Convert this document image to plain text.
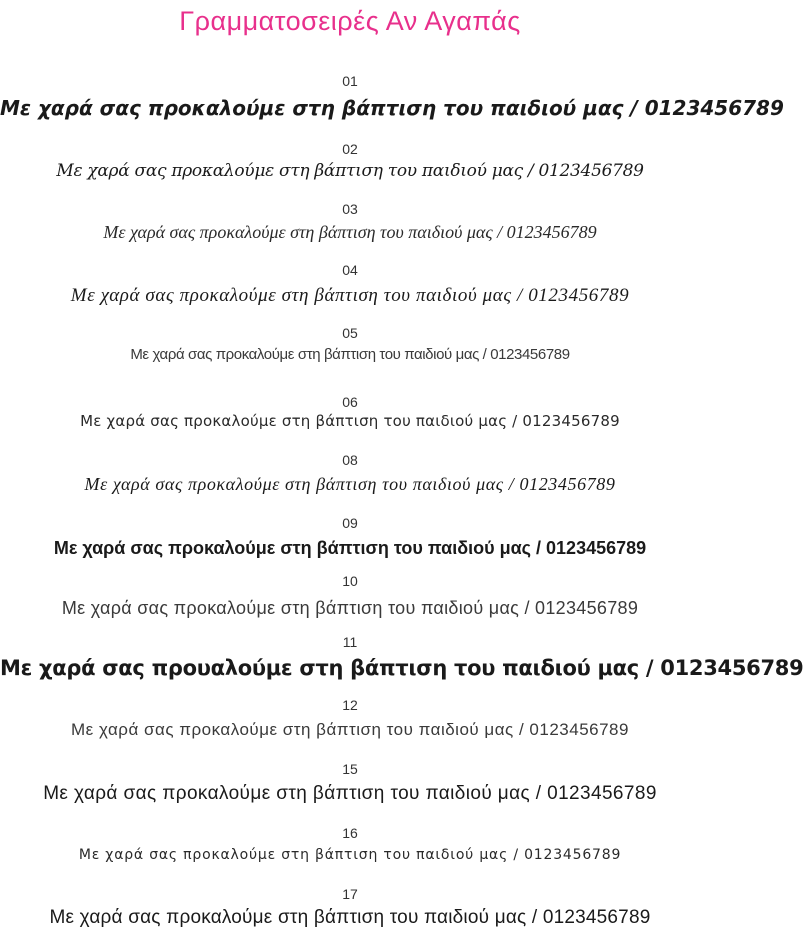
Γραμματοσειρές Αν Αγαπάς
01
Με χαρά σας προκαλούμε στη βάπτιση του παιδιού μας / 0123456789
02
Με χαρά σας προκαλούμε στη βάπτιση του παιδιού μας / 0123456789
03
Με χαρά σας προκαλούμε στη βάπτιση του παιδιού μας / 0123456789
04
Με χαρά σας προκαλούμε στη βάπτιση του παιδιού μας / 0123456789
05
Με χαρά σας προκαλούμε στη βάπτιση του παιδιού μας / 0123456789
06
Με χαρά σας προκαλούμε στη βάπτιση του παιδιού μας / 0123456789
08
Με χαρά σας προκαλούμε στη βάπτιση του παιδιού μας / 0123456789
09
Με χαρά σας προκαλούμε στη βάπτιση του παιδιού μας / 0123456789
10
Με χαρά σας προκαλούμε στη βάπτιση του παιδιού μας / 0123456789
11
Με χαρά σας προυαλούμε στη βάπτιση του παιδιού μας / 0123456789
12
Με χαρά σας προκαλούμε στη βάπτιση του παιδιού μας / 0123456789
15
Με χαρά σας προκαλούμε στη βάπτιση του παιδιού μας / 0123456789
16
Με χαρά σας προκαλούμε στη βάπτιση του παιδιού μας / 0123456789
17
Με χαρά σας προκαλούμε στη βάπτιση του παιδιού μας / 0123456789
